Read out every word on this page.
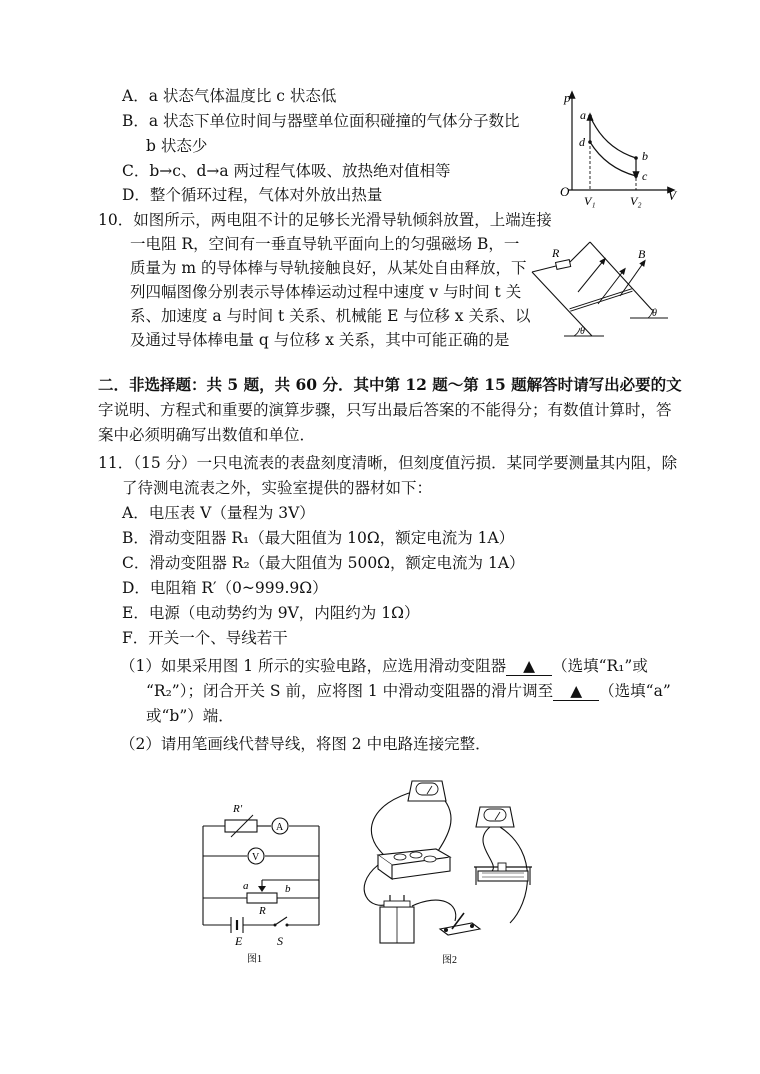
A．a 状态气体温度比 c 状态低
B．a 状态下单位时间与器壁单位面积碰撞的气体分子数比
b 状态少
C．b→c、d→a 两过程气体吸、放热绝对值相等
D．整个循环过程，气体对外放出热量
p
V
O
a
d
b
c
V₁	V₂
10．如图所示，两电阻不计的足够长光滑导轨倾斜放置，上端连接
一电阻 R，空间有一垂直导轨平面向上的匀强磁场 B，一
质量为 m 的导体棒与导轨接触良好，从某处自由释放，下
列四幅图像分别表示导体棒运动过程中速度 v 与时间 t 关
系、加速度 a 与时间 t 关系、机械能 E 与位移 x 关系、以
及通过导体棒电量 q 与位移 x 关系，其中可能正确的是
R	B
θ
θ
二．非选择题：共 5 题，共 60 分．其中第 12 题～第 15 题解答时请写出必要的文
字说明、方程式和重要的演算步骤，只写出最后答案的不能得分；有数值计算时，答
案中必须明确写出数值和单位．
11．（15 分）一只电流表的表盘刻度清晰，但刻度值污损．某同学要测量其内阻，除
了待测电流表之外，实验室提供的器材如下：
A．电压表 V（量程为 3V）
B．滑动变阻器 R₁（最大阻值为 10Ω，额定电流为 1A）
C．滑动变阻器 R₂（最大阻值为 500Ω，额定电流为 1A）
D．电阻箱 R′（0~999.9Ω）
E．电源（电动势约为 9V，内阻约为 1Ω）
F．开关一个、导线若干
（1）如果采用图 1 所示的实验电路，应选用滑动变阻器 ▲ （选填“R₁”或
“R₂”）；闭合开关 S 前，应将图 1 中滑动变阻器的滑片调至 ▲ （选填“a”
或“b”）端．
（2）请用笔画线代替导线，将图 2 中电路连接完整．
R′
A
V
a	b
R
E	S
图1	图2
